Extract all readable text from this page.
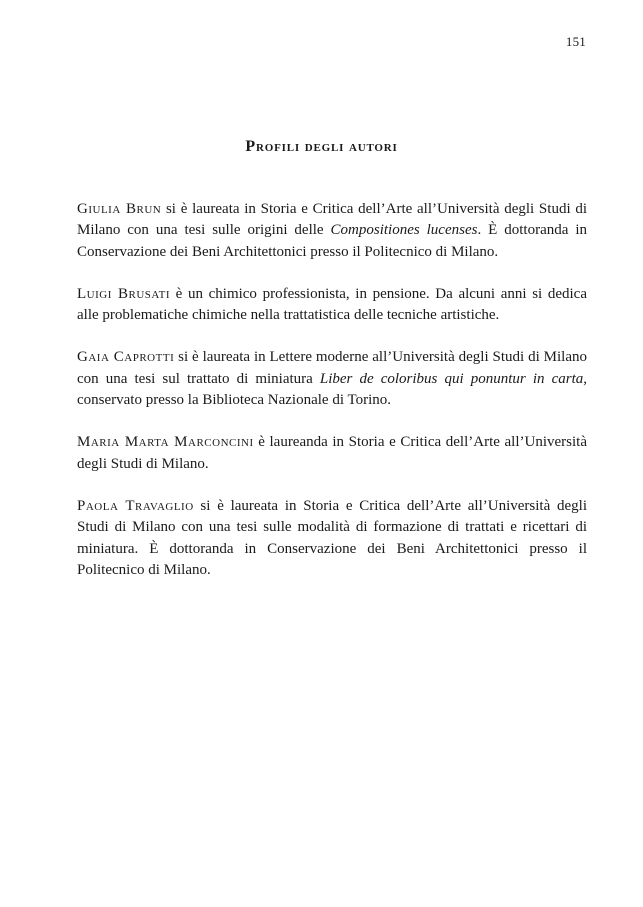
151
Profili degli autori

Giulia Brun si è laureata in Storia e Critica dell’Arte all’Università degli Studi di Milano con una tesi sulle origini delle Compositiones lucenses. È dottoranda in Conservazione dei Beni Architettonici presso il Politecnico di Milano.

Luigi Brusati è un chimico professionista, in pensione. Da alcuni anni si dedica alle problematiche chimiche nella trattatistica delle tecniche artistiche.

Gaia Caprotti si è laureata in Lettere moderne all’Università degli Studi di Milano con una tesi sul trattato di miniatura Liber de coloribus qui ponuntur in carta, conservato presso la Biblioteca Nazionale di Torino.

Maria Marta Marconcini è laureanda in Storia e Critica dell’Arte all’Università degli Studi di Milano.

Paola Travaglio si è laureata in Storia e Critica dell’Arte all’Università degli Studi di Milano con una tesi sulle modalità di formazione di trattati e ricettari di miniatura. È dottoranda in Conservazione dei Beni Architettonici presso il Politecnico di Milano.
